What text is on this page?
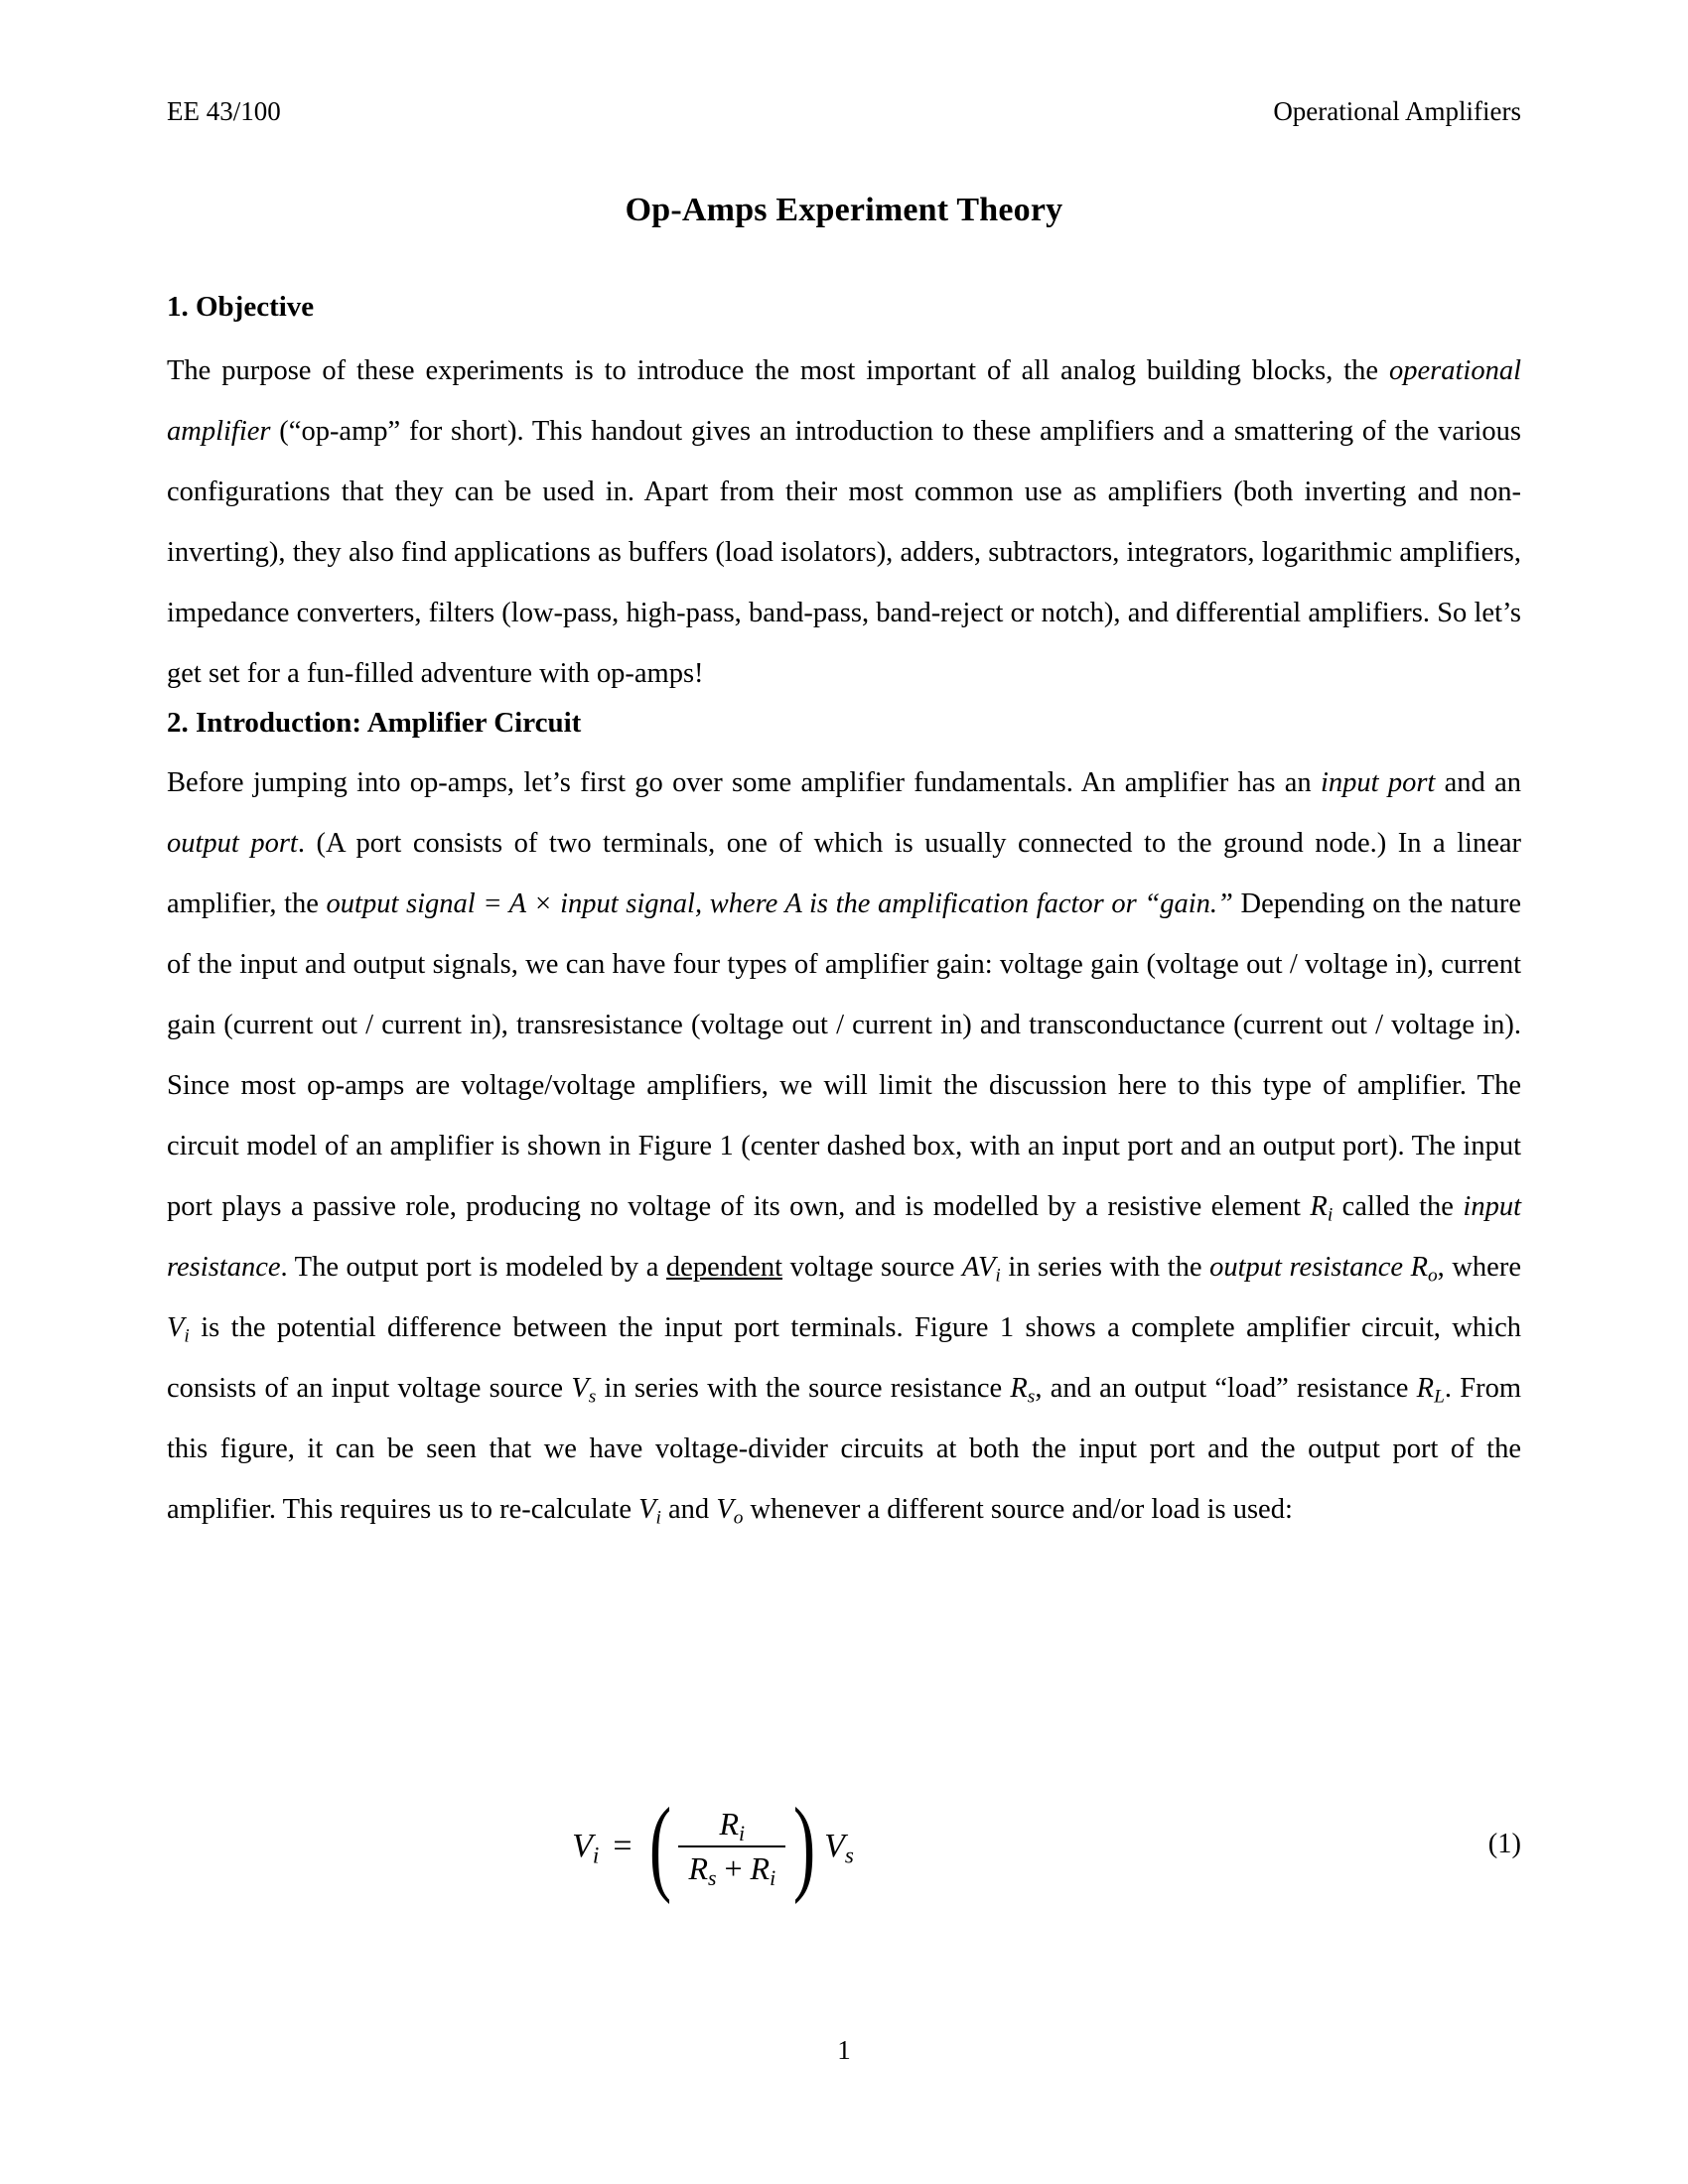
EE 43/100	Operational Amplifiers
Op-Amps Experiment Theory
1. Objective

The purpose of these experiments is to introduce the most important of all analog building blocks, the operational amplifier (“op-amp” for short). This handout gives an introduction to these amplifiers and a smattering of the various configurations that they can be used in. Apart from their most common use as amplifiers (both inverting and non-inverting), they also find applications as buffers (load isolators), adders, subtractors, integrators, logarithmic amplifiers, impedance converters, filters (low-pass, high-pass, band-pass, band-reject or notch), and differential amplifiers. So let’s get set for a fun-filled adventure with op-amps!

2. Introduction: Amplifier Circuit

Before jumping into op-amps, let’s first go over some amplifier fundamentals. An amplifier has an input port and an output port. (A port consists of two terminals, one of which is usually connected to the ground node.) In a linear amplifier, the output signal = A × input signal, where A is the amplification factor or “gain.” Depending on the nature of the input and output signals, we can have four types of amplifier gain: voltage gain (voltage out / voltage in), current gain (current out / current in), transresistance (voltage out / current in) and transconductance (current out / voltage in). Since most op-amps are voltage/voltage amplifiers, we will limit the discussion here to this type of amplifier. The circuit model of an amplifier is shown in Figure 1 (center dashed box, with an input port and an output port). The input port plays a passive role, producing no voltage of its own, and is modelled by a resistive element $R_i$ called the input resistance. The output port is modeled by a dependent voltage source $AV_i$ in series with the output resistance $R_o$, where $V_i$ is the potential difference between the input port terminals. Figure 1 shows a complete amplifier circuit, which consists of an input voltage source $V_s$ in series with the source resistance $R_s$, and an output “load” resistance $R_L$. From this figure, it can be seen that we have voltage-divider circuits at both the input port and the output port of the amplifier. This requires us to re-calculate $V_i$ and $V_o$ whenever a different source and/or load is used:

$V_i$ = ( $\frac{R_i}{R_s + R_i}$ ) $V_s$	(1)
1
